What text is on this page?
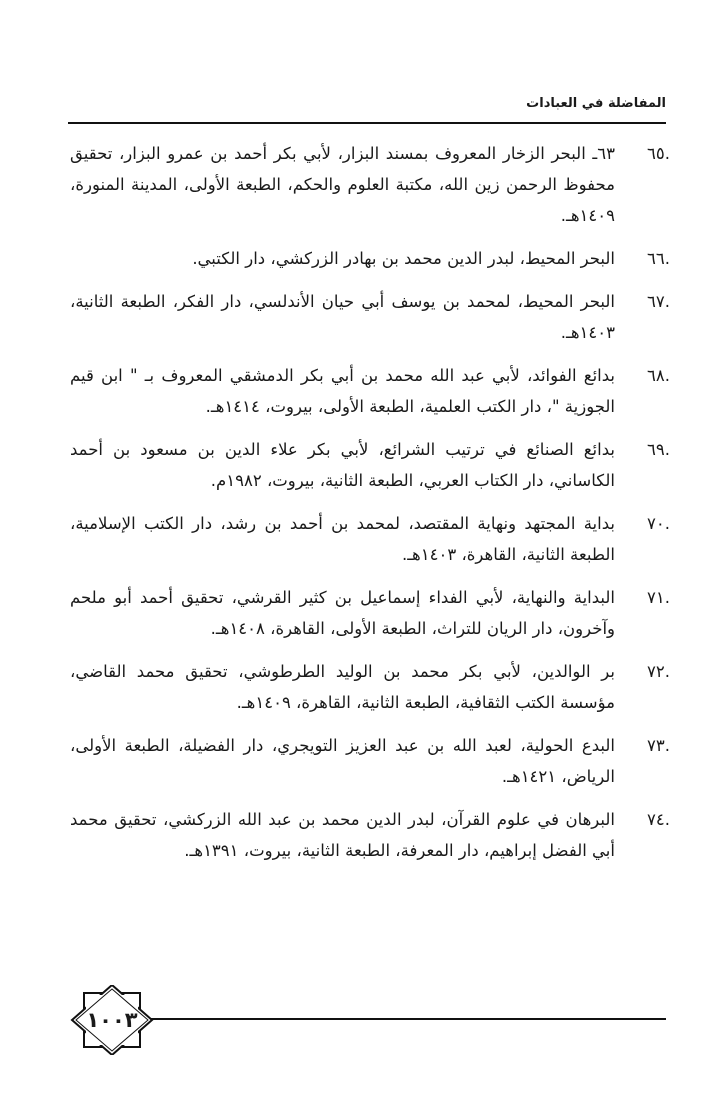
المفاضلة في العبادات
.٦٥
٦٣ـ البحر الزخار المعروف بمسند البزار، لأبي بكر أحمد بن عمرو البزار، تحقيق محفوظ الرحمن زين الله، مكتبة العلوم والحكم، الطبعة الأولى، المدينة المنورة، ١٤٠٩هـ.
.٦٦
البحر المحيط، لبدر الدين محمد بن بهادر الزركشي، دار الكتبي.
.٦٧
البحر المحيط، لمحمد بن يوسف أبي حيان الأندلسي، دار الفكر، الطبعة الثانية، ١٤٠٣هـ.
.٦٨
بدائع الفوائد، لأبي عبد الله محمد بن أبي بكر الدمشقي المعروف بـ " ابن قيم الجوزية "، دار الكتب العلمية، الطبعة الأولى، بيروت، ١٤١٤هـ.
.٦٩
بدائع الصنائع في ترتيب الشرائع، لأبي بكر علاء الدين بن مسعود بن أحمد الكاساني، دار الكتاب العربي، الطبعة الثانية، بيروت، ١٩٨٢م.
.٧٠
بداية المجتهد ونهاية المقتصد، لمحمد بن أحمد بن رشد، دار الكتب الإسلامية، الطبعة الثانية، القاهرة، ١٤٠٣هـ.
.٧١
البداية والنهاية، لأبي الفداء إسماعيل بن كثير القرشي، تحقيق أحمد أبو ملحم وآخرون، دار الريان للتراث، الطبعة الأولى، القاهرة، ١٤٠٨هـ.
.٧٢
بر الوالدين، لأبي بكر محمد بن الوليد الطرطوشي، تحقيق محمد القاضي، مؤسسة الكتب الثقافية، الطبعة الثانية، القاهرة، ١٤٠٩هـ.
.٧٣
البدع الحولية، لعبد الله بن عبد العزيز التويجري، دار الفضيلة، الطبعة الأولى، الرياض، ١٤٢١هـ.
.٧٤
البرهان في علوم القرآن، لبدر الدين محمد بن عبد الله الزركشي، تحقيق محمد أبي الفضل إبراهيم، دار المعرفة، الطبعة الثانية، بيروت، ١٣٩١هـ.
١٠٠٣
